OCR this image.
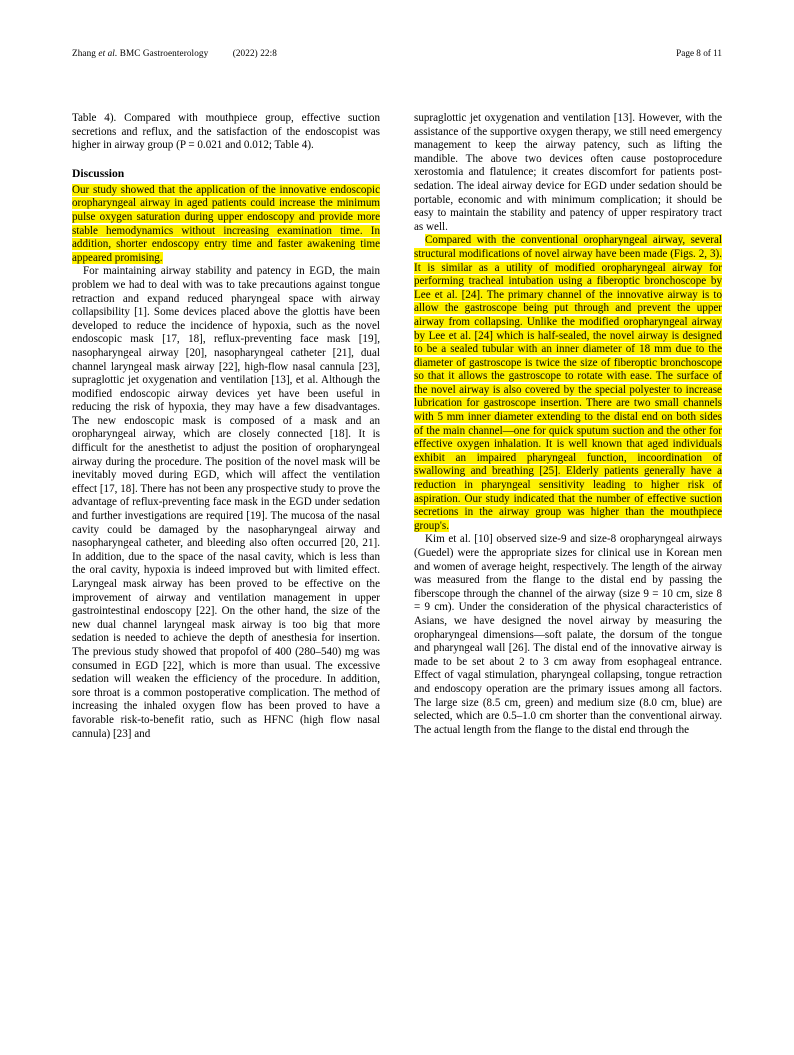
Zhang et al. BMC Gastroenterology	(2022) 22:8	Page 8 of 11

Table 4). Compared with mouthpiece group, effective suction secretions and reflux, and the satisfaction of the endoscopist was higher in airway group (P = 0.021 and 0.012; Table 4).

Discussion

Our study showed that the application of the innovative endoscopic oropharyngeal airway in aged patients could increase the minimum pulse oxygen saturation during upper endoscopy and provide more stable hemodynamics without increasing examination time. In addition, shorter endoscopy entry time and faster awakening time appeared promising.

For maintaining airway stability and patency in EGD, the main problem we had to deal with was to take precautions against tongue retraction and expand reduced pharyngeal space with airway collapsibility [1]. Some devices placed above the glottis have been developed to reduce the incidence of hypoxia, such as the novel endoscopic mask [17, 18], reflux-preventing face mask [19], nasopharyngeal airway [20], nasopharyngeal catheter [21], dual channel laryngeal mask airway [22], high-flow nasal cannula [23], supraglottic jet oxygenation and ventilation [13], et al. Although the modified endoscopic airway devices yet have been useful in reducing the risk of hypoxia, they may have a few disadvantages. The new endoscopic mask is composed of a mask and an oropharyngeal airway, which are closely connected [18]. It is difficult for the anesthetist to adjust the position of oropharyngeal airway during the procedure. The position of the novel mask will be inevitably moved during EGD, which will affect the ventilation effect [17, 18]. There has not been any prospective study to prove the advantage of reflux-preventing face mask in the EGD under sedation and further investigations are required [19]. The mucosa of the nasal cavity could be damaged by the nasopharyngeal airway and nasopharyngeal catheter, and bleeding also often occurred [20, 21]. In addition, due to the space of the nasal cavity, which is less than the oral cavity, hypoxia is indeed improved but with limited effect. Laryngeal mask airway has been proved to be effective on the improvement of airway and ventilation management in upper gastrointestinal endoscopy [22]. On the other hand, the size of the new dual channel laryngeal mask airway is too big that more sedation is needed to achieve the depth of anesthesia for insertion. The previous study showed that propofol of 400 (280–540) mg was consumed in EGD [22], which is more than usual. The excessive sedation will weaken the efficiency of the procedure. In addition, sore throat is a common postoperative complication. The method of increasing the inhaled oxygen flow has been proved to have a favorable risk-to-benefit ratio, such as HFNC (high flow nasal cannula) [23] and

supraglottic jet oxygenation and ventilation [13]. However, with the assistance of the supportive oxygen therapy, we still need emergency management to keep the airway patency, such as lifting the mandible. The above two devices often cause postoprocedure xerostomia and flatulence; it creates discomfort for patients post-sedation. The ideal airway device for EGD under sedation should be portable, economic and with minimum complication; it should be easy to maintain the stability and patency of upper respiratory tract as well.

Compared with the conventional oropharyngeal airway, several structural modifications of novel airway have been made (Figs. 2, 3). It is similar as a utility of modified oropharyngeal airway for performing tracheal intubation using a fiberoptic bronchoscope by Lee et al. [24]. The primary channel of the innovative airway is to allow the gastroscope being put through and prevent the upper airway from collapsing. Unlike the modified oropharyngeal airway by Lee et al. [24] which is half-sealed, the novel airway is designed to be a sealed tubular with an inner diameter of 18 mm due to the diameter of gastroscope is twice the size of fiberoptic bronchoscope so that it allows the gastroscope to rotate with ease. The surface of the novel airway is also covered by the special polyester to increase lubrication for gastroscope insertion. There are two small channels with 5 mm inner diameter extending to the distal end on both sides of the main channel—one for quick sputum suction and the other for effective oxygen inhalation. It is well known that aged individuals exhibit an impaired pharyngeal function, incoordination of swallowing and breathing [25]. Elderly patients generally have a reduction in pharyngeal sensitivity leading to higher risk of aspiration. Our study indicated that the number of effective suction secretions in the airway group was higher than the mouthpiece group's.

Kim et al. [10] observed size-9 and size-8 oropharyngeal airways (Guedel) were the appropriate sizes for clinical use in Korean men and women of average height, respectively. The length of the airway was measured from the flange to the distal end by passing the fiberscope through the channel of the airway (size 9 = 10 cm, size 8 = 9 cm). Under the consideration of the physical characteristics of Asians, we have designed the novel airway by measuring the oropharyngeal dimensions—soft palate, the dorsum of the tongue and pharyngeal wall [26]. The distal end of the innovative airway is made to be set about 2 to 3 cm away from esophageal entrance. Effect of vagal stimulation, pharyngeal collapsing, tongue retraction and endoscopy operation are the primary issues among all factors. The large size (8.5 cm, green) and medium size (8.0 cm, blue) are selected, which are 0.5–1.0 cm shorter than the conventional airway. The actual length from the flange to the distal end through the
